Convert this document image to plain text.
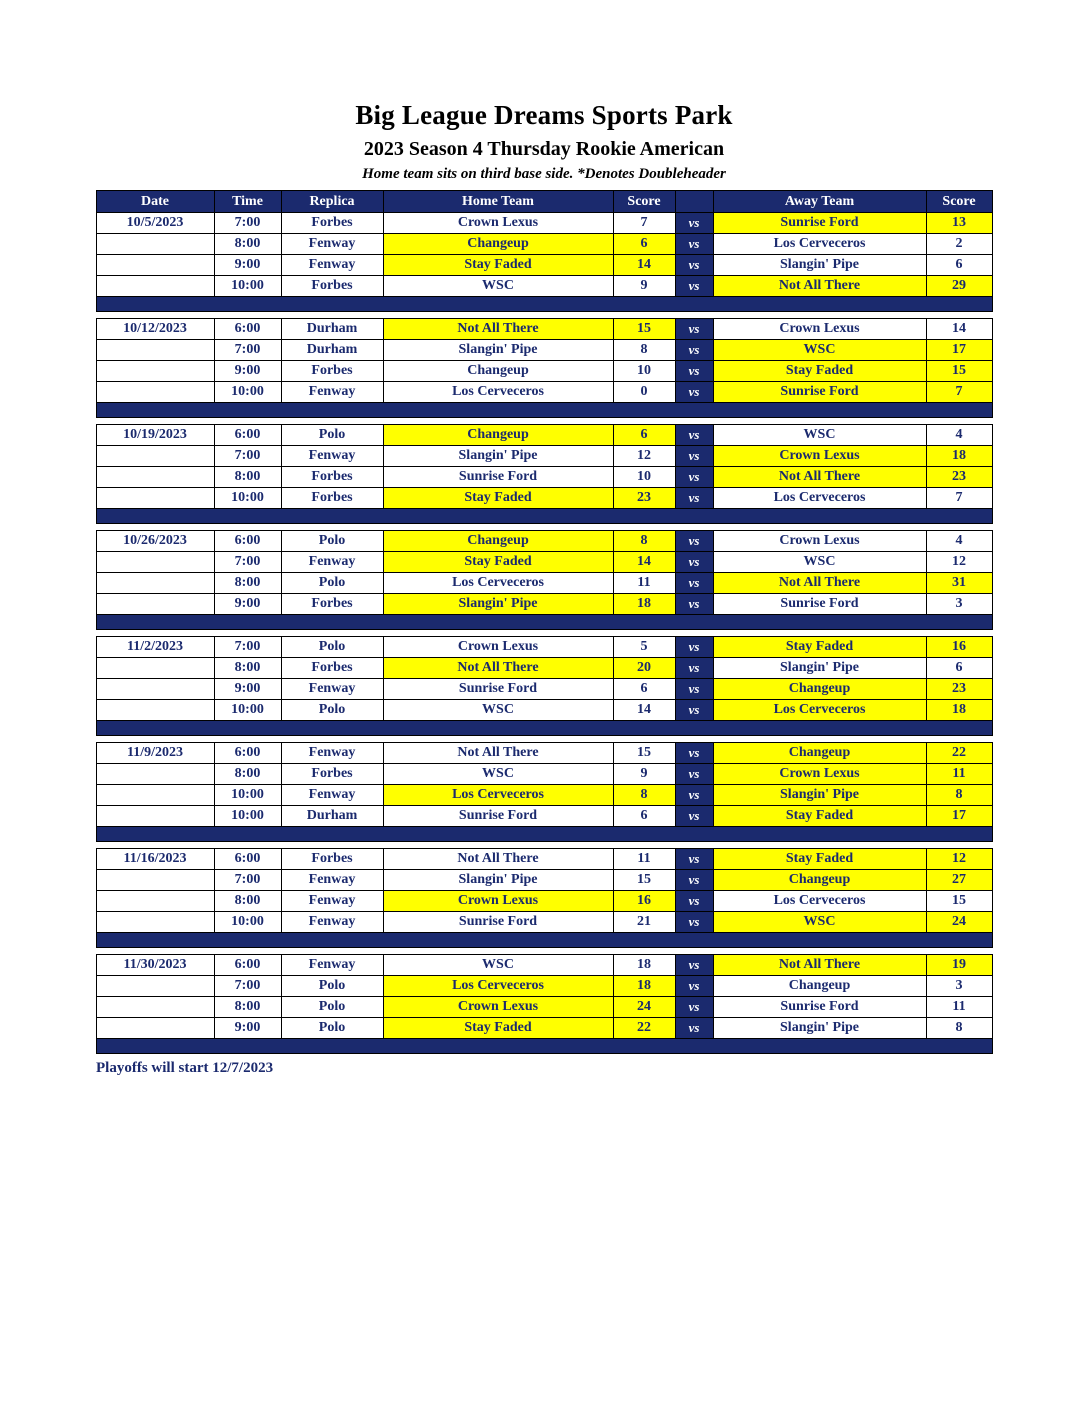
Big League Dreams Sports Park
2023 Season 4 Thursday Rookie American
Home team sits on third base side. *Denotes Doubleheader
Date	Time	Replica	Home Team	Score		Away Team	Score
10/5/2023	7:00	Forbes	Crown Lexus	7	vs	Sunrise Ford	13
	8:00	Fenway	Changeup	6	vs	Los Cerveceros	2
	9:00	Fenway	Stay Faded	14	vs	Slangin' Pipe	6
	10:00	Forbes	WSC	9	vs	Not All There	29

10/12/2023	6:00	Durham	Not All There	15	vs	Crown Lexus	14
	7:00	Durham	Slangin' Pipe	8	vs	WSC	17
	9:00	Forbes	Changeup	10	vs	Stay Faded	15
	10:00	Fenway	Los Cerveceros	0	vs	Sunrise Ford	7

10/19/2023	6:00	Polo	Changeup	6	vs	WSC	4
	7:00	Fenway	Slangin' Pipe	12	vs	Crown Lexus	18
	8:00	Forbes	Sunrise Ford	10	vs	Not All There	23
	10:00	Forbes	Stay Faded	23	vs	Los Cerveceros	7

10/26/2023	6:00	Polo	Changeup	8	vs	Crown Lexus	4
	7:00	Fenway	Stay Faded	14	vs	WSC	12
	8:00	Polo	Los Cerveceros	11	vs	Not All There	31
	9:00	Forbes	Slangin' Pipe	18	vs	Sunrise Ford	3

11/2/2023	7:00	Polo	Crown Lexus	5	vs	Stay Faded	16
	8:00	Forbes	Not All There	20	vs	Slangin' Pipe	6
	9:00	Fenway	Sunrise Ford	6	vs	Changeup	23
	10:00	Polo	WSC	14	vs	Los Cerveceros	18

11/9/2023	6:00	Fenway	Not All There	15	vs	Changeup	22
	8:00	Forbes	WSC	9	vs	Crown Lexus	11
	10:00	Fenway	Los Cerveceros	8	vs	Slangin' Pipe	8
	10:00	Durham	Sunrise Ford	6	vs	Stay Faded	17

11/16/2023	6:00	Forbes	Not All There	11	vs	Stay Faded	12
	7:00	Fenway	Slangin' Pipe	15	vs	Changeup	27
	8:00	Fenway	Crown Lexus	16	vs	Los Cerveceros	15
	10:00	Fenway	Sunrise Ford	21	vs	WSC	24

11/30/2023	6:00	Fenway	WSC	18	vs	Not All There	19
	7:00	Polo	Los Cerveceros	18	vs	Changeup	3
	8:00	Polo	Crown Lexus	24	vs	Sunrise Ford	11
	9:00	Polo	Stay Faded	22	vs	Slangin' Pipe	8

Playoffs will start 12/7/2023
